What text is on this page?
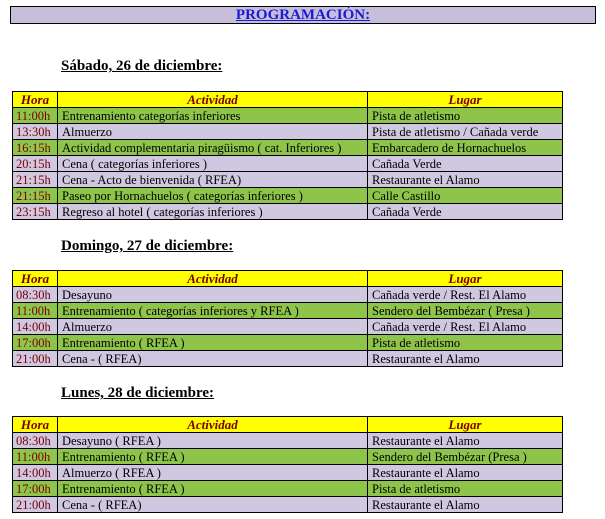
PROGRAMACIÓN:
Sábado, 26 de diciembre:
Hora	Actividad	Lugar
11:00h	Entrenamiento categorías inferiores	Pista de atletismo
13:30h	Almuerzo	Pista de atletismo / Cañada verde
16:15h	Actividad complementaria piragüismo ( cat. Inferiores )	Embarcadero de Hornachuelos
20:15h	Cena ( categorías inferiores )	Cañada Verde
21:15h	Cena - Acto de bienvenida ( RFEA)	Restaurante el Alamo
21:15h	Paseo por Hornachuelos ( categorías inferiores )	Calle Castillo
23:15h	Regreso al hotel ( categorías inferiores )	Cañada Verde
Domingo, 27 de diciembre:
Hora	Actividad	Lugar
08:30h	Desayuno	Cañada verde / Rest. El Alamo
11:00h	Entrenamiento ( categorías inferiores y RFEA )	Sendero del Bembézar ( Presa )
14:00h	Almuerzo	Cañada verde / Rest. El Alamo
17:00h	Entrenamiento ( RFEA )	Pista de atletismo
21:00h	Cena - ( RFEA)	Restaurante el Alamo
Lunes, 28 de diciembre:
Hora	Actividad	Lugar
08:30h	Desayuno ( RFEA )	Restaurante el Alamo
11:00h	Entrenamiento ( RFEA )	Sendero del Bembézar (Presa )
14:00h	Almuerzo ( RFEA )	Restaurante el Alamo
17:00h	Entrenamiento ( RFEA )	Pista de atletismo
21:00h	Cena - ( RFEA)	Restaurante el Alamo
